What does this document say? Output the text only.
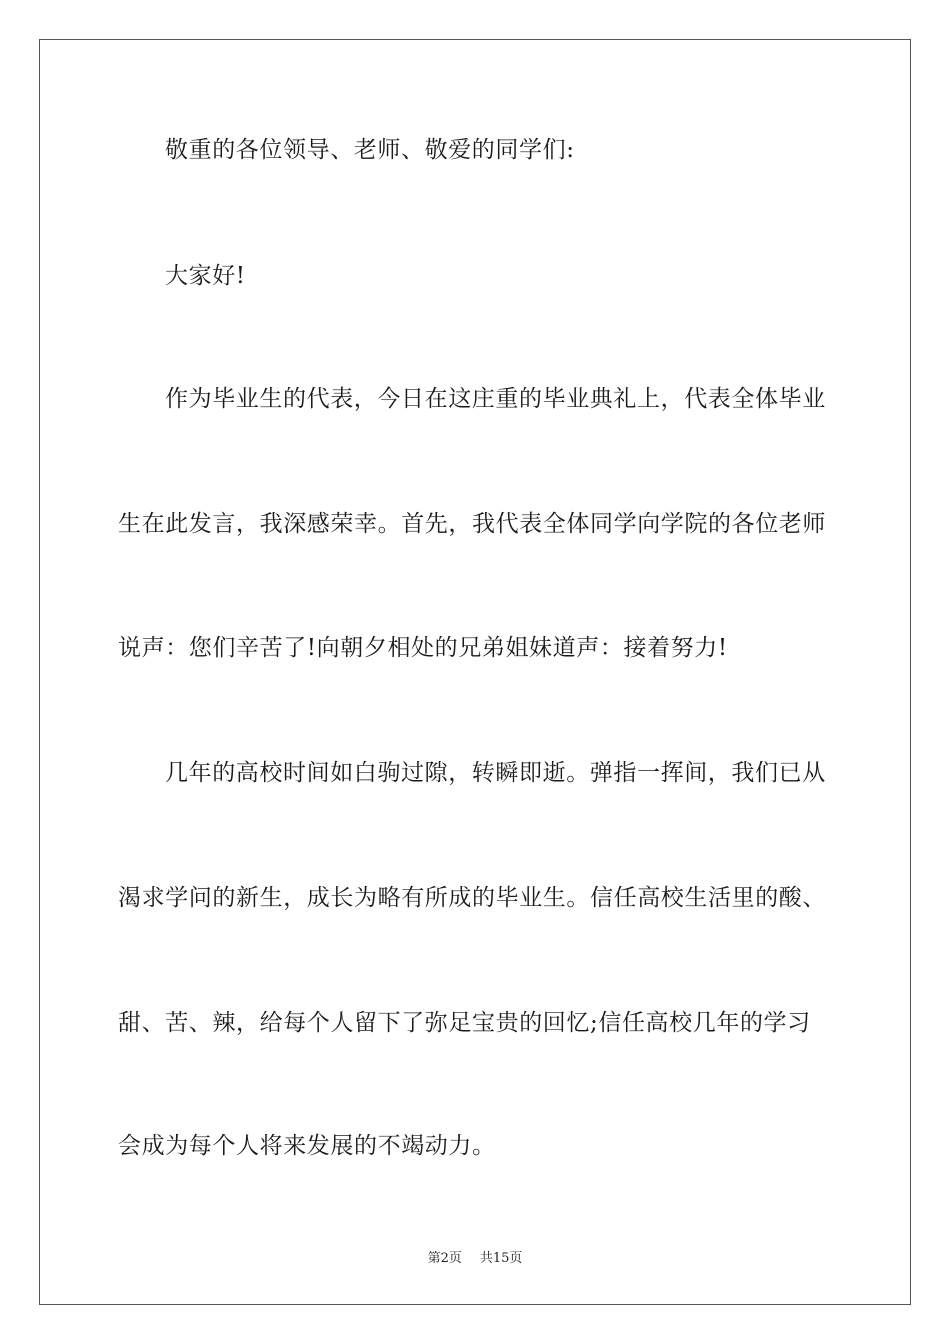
敬重的各位领导、老师、敬爱的同学们:
大家好!
作为毕业生的代表，今日在这庄重的毕业典礼上，代表全体毕业
生在此发言，我深感荣幸。首先，我代表全体同学向学院的各位老师
说声：您们辛苦了!向朝夕相处的兄弟姐妹道声：接着努力!
几年的高校时间如白驹过隙，转瞬即逝。弹指一挥间，我们已从
渴求学问的新生，成长为略有所成的毕业生。信任高校生活里的酸、
甜、苦、辣，给每个人留下了弥足宝贵的回忆;信任高校几年的学习
会成为每个人将来发展的不竭动力。
第2页 共15页
